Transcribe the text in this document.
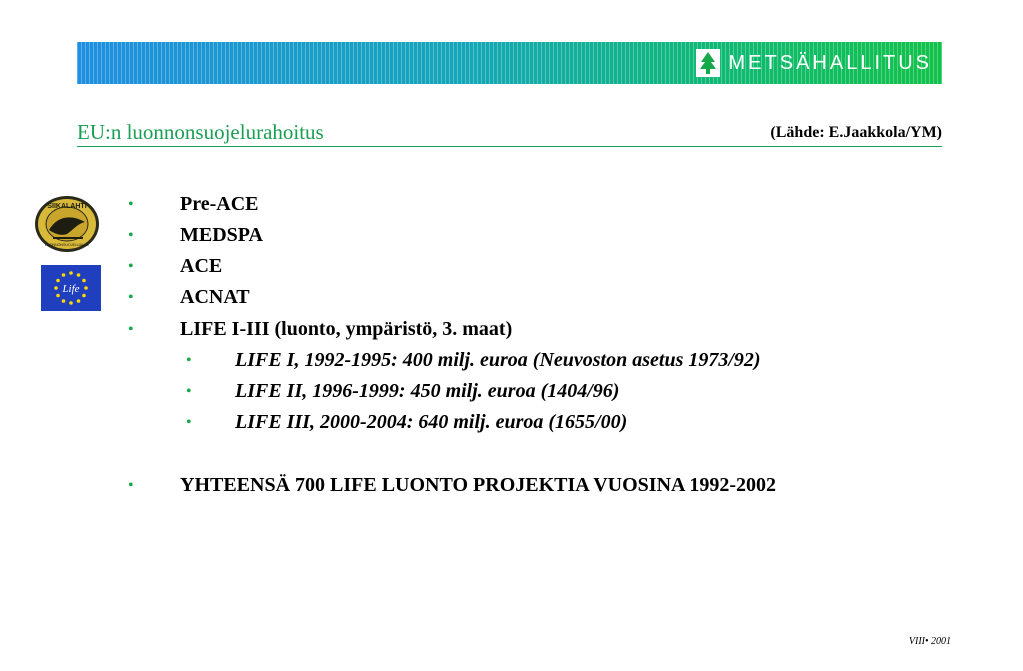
METSÄHALLITUS
EU:n luonnonsuojelurahoitus	(Lähde: E.Jaakkola/YM)
SIIKALAHTI
LUONNONSUOJELUALUE
Life
• Pre-ACE
• MEDSPA
• ACE
• ACNAT
• LIFE I-III (luonto, ympäristö, 3. maat)
• LIFE I, 1992-1995: 400 milj. euroa (Neuvoston asetus 1973/92)
• LIFE II, 1996-1999: 450 milj. euroa (1404/96)
• LIFE III, 2000-2004: 640 milj. euroa (1655/00)
• YHTEENSÄ 700 LIFE LUONTO PROJEKTIA VUOSINA 1992-2002
VIII• 2001
